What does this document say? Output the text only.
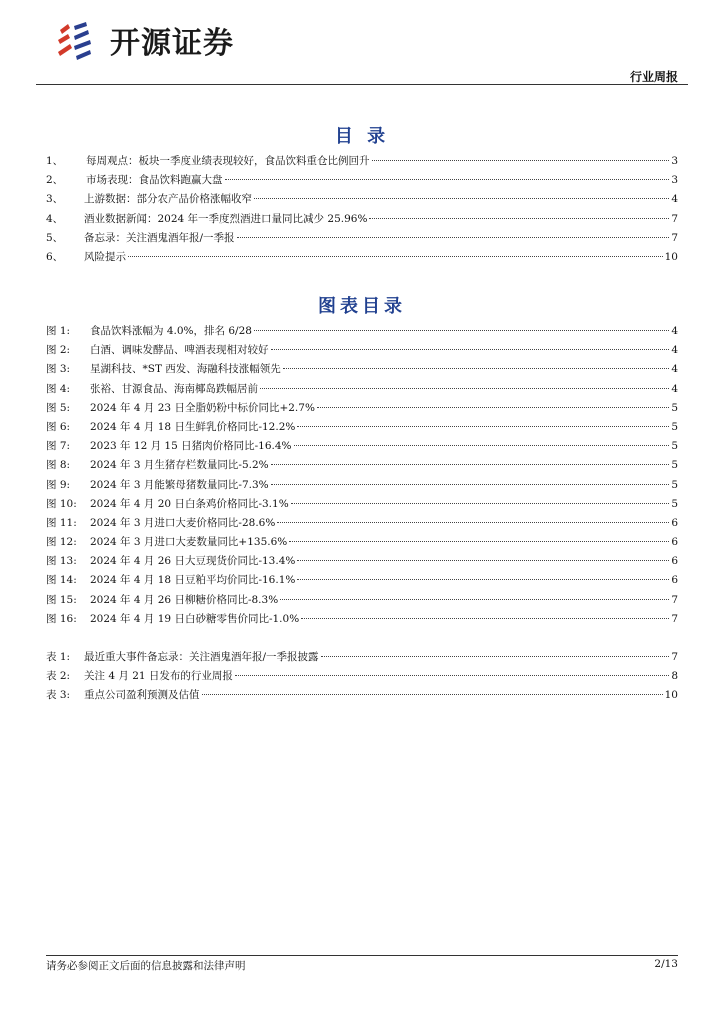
开源证券
行业周报
目 录
1、	每周观点：板块一季度业绩表现较好，食品饮料重仓比例回升	3
2、	市场表现：食品饮料跑赢大盘	3
3、	上游数据：部分农产品价格涨幅收窄	4
4、	酒业数据新闻：2024 年一季度烈酒进口量同比减少 25.96%	7
5、	备忘录：关注酒鬼酒年报/一季报	7
6、	风险提示	10
图表目录
图 1:	食品饮料涨幅为 4.0%，排名 6/28	4
图 2:	白酒、调味发酵品、啤酒表现相对较好	4
图 3:	星湖科技、*ST 西发、海融科技涨幅领先	4
图 4:	张裕、甘源食品、海南椰岛跌幅居前	4
图 5:	2024 年 4 月 23 日全脂奶粉中标价同比+2.7%	5
图 6:	2024 年 4 月 18 日生鲜乳价格同比-12.2%	5
图 7:	2023 年 12 月 15 日猪肉价格同比-16.4%	5
图 8:	2024 年 3 月生猪存栏数量同比-5.2%	5
图 9:	2024 年 3 月能繁母猪数量同比-7.3%	5
图 10:	2024 年 4 月 20 日白条鸡价格同比-3.1%	5
图 11:	2024 年 3 月进口大麦价格同比-28.6%	6
图 12:	2024 年 3 月进口大麦数量同比+135.6%	6
图 13:	2024 年 4 月 26 日大豆现货价同比-13.4%	6
图 14:	2024 年 4 月 18 日豆粕平均价同比-16.1%	6
图 15:	2024 年 4 月 26 日柳糖价格同比-8.3%	7
图 16:	2024 年 4 月 19 日白砂糖零售价同比-1.0%	7
表 1:	最近重大事件备忘录：关注酒鬼酒年报/一季报披露	7
表 2:	关注 4 月 21 日发布的行业周报	8
表 3:	重点公司盈利预测及估值	10
请务必参阅正文后面的信息披露和法律声明	2/13
